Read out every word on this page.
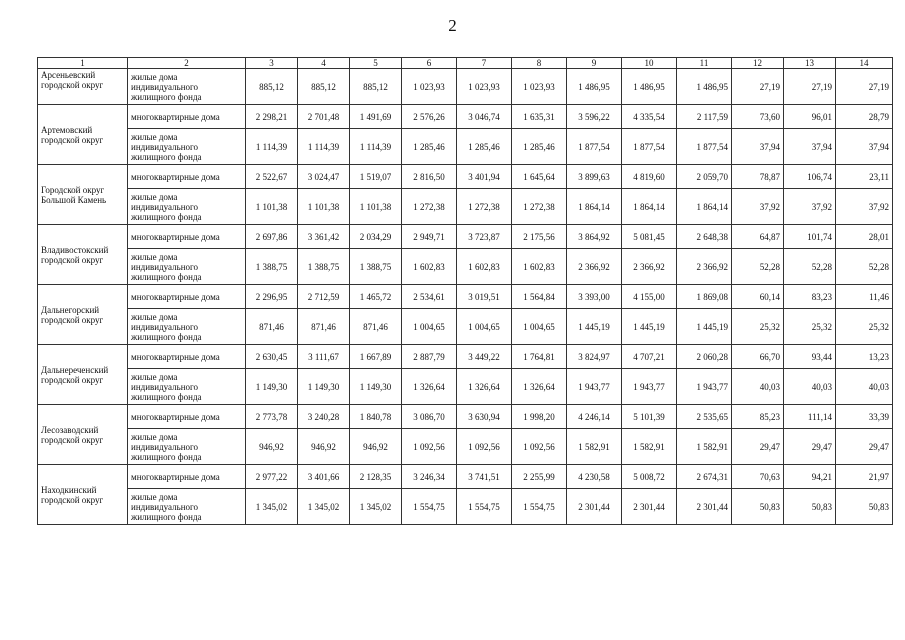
2
1	2	3	4	5	6	7	8	9	10	11	12	13	14
Арсеньевский городской округ	жилые дома индивидуального жилищного фонда	885,12	885,12	885,12	1 023,93	1 023,93	1 023,93	1 486,95	1 486,95	1 486,95	27,19	27,19	27,19
Артемовский городской округ	многоквартирные дома	2 298,21	2 701,48	1 491,69	2 576,26	3 046,74	1 635,31	3 596,22	4 335,54	2 117,59	73,60	96,01	28,79
	жилые дома индивидуального жилищного фонда	1 114,39	1 114,39	1 114,39	1 285,46	1 285,46	1 285,46	1 877,54	1 877,54	1 877,54	37,94	37,94	37,94
Городской округ Большой Камень	многоквартирные дома	2 522,67	3 024,47	1 519,07	2 816,50	3 401,94	1 645,64	3 899,63	4 819,60	2 059,70	78,87	106,74	23,11
	жилые дома индивидуального жилищного фонда	1 101,38	1 101,38	1 101,38	1 272,38	1 272,38	1 272,38	1 864,14	1 864,14	1 864,14	37,92	37,92	37,92
Владивостокский городской округ	многоквартирные дома	2 697,86	3 361,42	2 034,29	2 949,71	3 723,87	2 175,56	3 864,92	5 081,45	2 648,38	64,87	101,74	28,01
	жилые дома индивидуального жилищного фонда	1 388,75	1 388,75	1 388,75	1 602,83	1 602,83	1 602,83	2 366,92	2 366,92	2 366,92	52,28	52,28	52,28
Дальнегорский городской округ	многоквартирные дома	2 296,95	2 712,59	1 465,72	2 534,61	3 019,51	1 564,84	3 393,00	4 155,00	1 869,08	60,14	83,23	11,46
	жилые дома индивидуального жилищного фонда	871,46	871,46	871,46	1 004,65	1 004,65	1 004,65	1 445,19	1 445,19	1 445,19	25,32	25,32	25,32
Дальнереченский городской округ	многоквартирные дома	2 630,45	3 111,67	1 667,89	2 887,79	3 449,22	1 764,81	3 824,97	4 707,21	2 060,28	66,70	93,44	13,23
	жилые дома индивидуального жилищного фонда	1 149,30	1 149,30	1 149,30	1 326,64	1 326,64	1 326,64	1 943,77	1 943,77	1 943,77	40,03	40,03	40,03
Лесозаводский городской округ	многоквартирные дома	2 773,78	3 240,28	1 840,78	3 086,70	3 630,94	1 998,20	4 246,14	5 101,39	2 535,65	85,23	111,14	33,39
	жилые дома индивидуального жилищного фонда	946,92	946,92	946,92	1 092,56	1 092,56	1 092,56	1 582,91	1 582,91	1 582,91	29,47	29,47	29,47
Находкинский городской округ	многоквартирные дома	2 977,22	3 401,66	2 128,35	3 246,34	3 741,51	2 255,99	4 230,58	5 008,72	2 674,31	70,63	94,21	21,97
	жилые дома индивидуального жилищного фонда	1 345,02	1 345,02	1 345,02	1 554,75	1 554,75	1 554,75	2 301,44	2 301,44	2 301,44	50,83	50,83	50,83
